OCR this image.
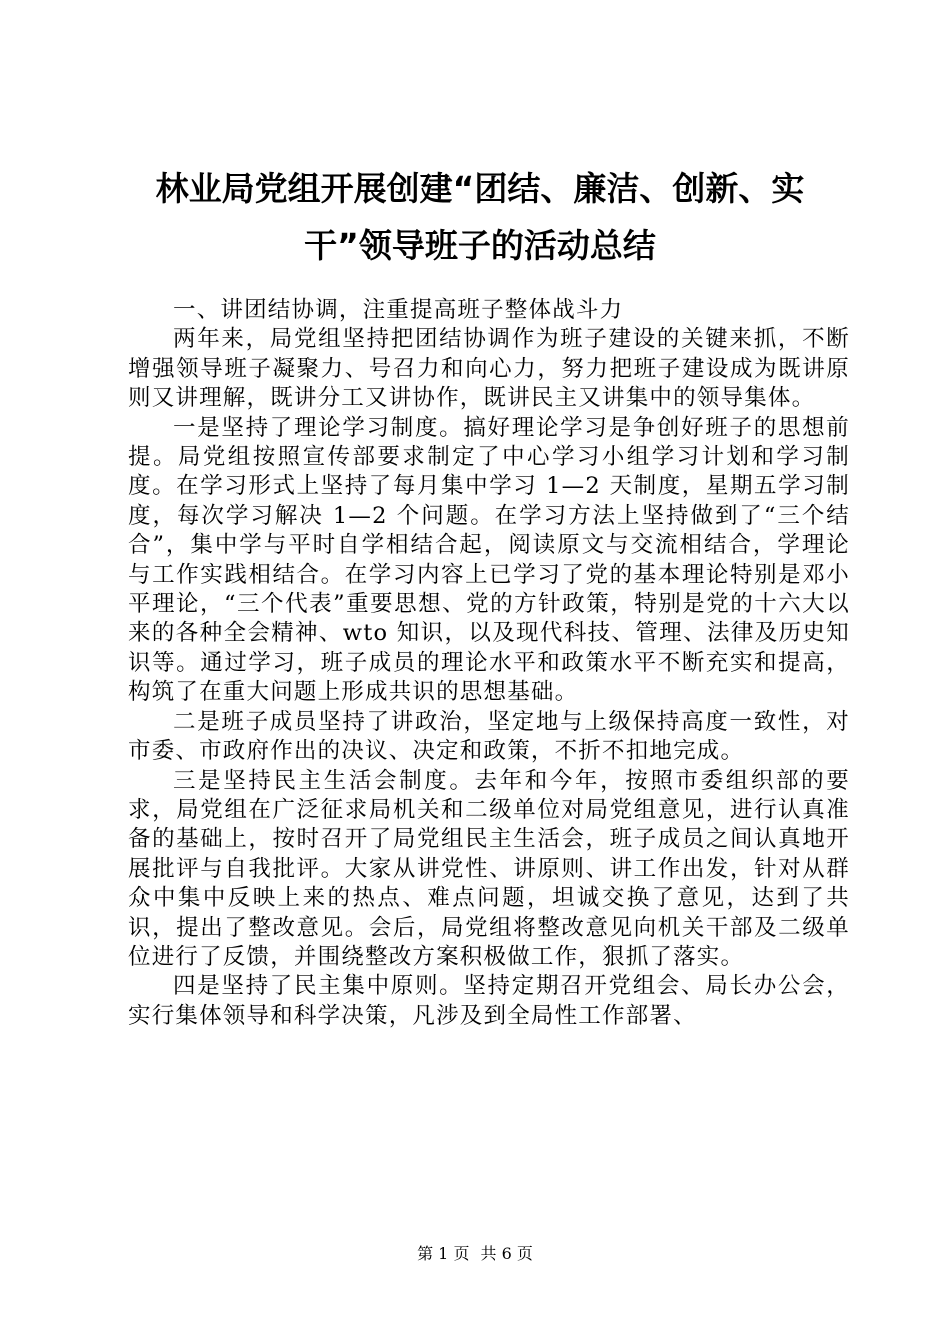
林业局党组开展创建“团结、廉洁、创新、实
干”领导班子的活动总结

一、讲团结协调，注重提高班子整体战斗力

两年来，局党组坚持把团结协调作为班子建设的关键来抓，不断增强领导班子凝聚力、号召力和向心力，努力把班子建设成为既讲原则又讲理解，既讲分工又讲协作，既讲民主又讲集中的领导集体。

一是坚持了理论学习制度。搞好理论学习是争创好班子的思想前提。局党组按照宣传部要求制定了中心学习小组学习计划和学习制度。在学习形式上坚持了每月集中学习 1—2 天制度，星期五学习制度，每次学习解决 1—2 个问题。在学习方法上坚持做到了“三个结合”，集中学与平时自学相结合起，阅读原文与交流相结合，学理论与工作实践相结合。在学习内容上已学习了党的基本理论特别是邓小平理论，“三个代表”重要思想、党的方针政策，特别是党的十六大以来的各种全会精神、wto 知识，以及现代科技、管理、法律及历史知识等。通过学习，班子成员的理论水平和政策水平不断充实和提高，构筑了在重大问题上形成共识的思想基础。

二是班子成员坚持了讲政治，坚定地与上级保持高度一致性，对市委、市政府作出的决议、决定和政策，不折不扣地完成。

三是坚持民主生活会制度。去年和今年，按照市委组织部的要求，局党组在广泛征求局机关和二级单位对局党组意见，进行认真准备的基础上，按时召开了局党组民主生活会，班子成员之间认真地开展批评与自我批评。大家从讲党性、讲原则、讲工作出发，针对从群众中集中反映上来的热点、难点问题，坦诚交换了意见，达到了共识，提出了整改意见。会后，局党组将整改意见向机关干部及二级单位进行了反馈，并围绕整改方案积极做工作，狠抓了落实。

四是坚持了民主集中原则。坚持定期召开党组会、局长办公会，实行集体领导和科学决策，凡涉及到全局性工作部署、

第 1 页 共 6 页
